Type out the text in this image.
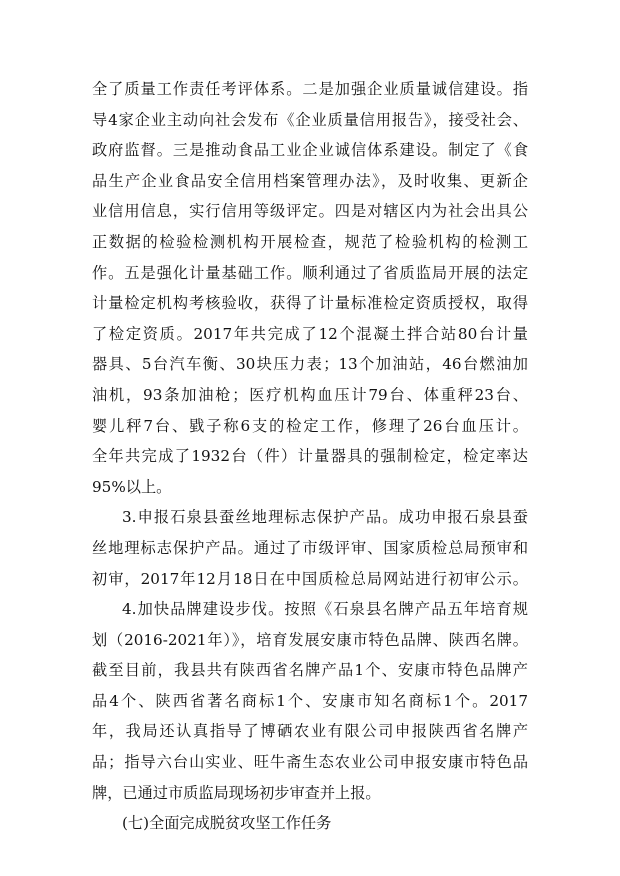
全了质量工作责任考评体系。二是加强企业质量诚信建设。指
导4家企业主动向社会发布《企业质量信用报告》，接受社会、
政府监督。三是推动食品工业企业诚信体系建设。制定了《食
品生产企业食品安全信用档案管理办法》，及时收集、更新企
业信用信息，实行信用等级评定。四是对辖区内为社会出具公
正数据的检验检测机构开展检查，规范了检验机构的检测工
作。五是强化计量基础工作。顺利通过了省质监局开展的法定
计量检定机构考核验收，获得了计量标准检定资质授权，取得
了检定资质。2017年共完成了12个混凝土拌合站80台计量
器具、5台汽车衡、30块压力表；13个加油站，46台燃油加
油机，93条加油枪；医疗机构血压计79台、体重秤23台、
婴儿秤7台、戥子称6支的检定工作，修理了26台血压计。
全年共完成了1932台（件）计量器具的强制检定，检定率达
95%以上。
3.申报石泉县蚕丝地理标志保护产品。成功申报石泉县蚕
丝地理标志保护产品。通过了市级评审、国家质检总局预审和
初审，2017年12月18日在中国质检总局网站进行初审公示。
4.加快品牌建设步伐。按照《石泉县名牌产品五年培育规
划（2016-2021年）》，培育发展安康市特色品牌、陕西名牌。
截至目前，我县共有陕西省名牌产品1个、安康市特色品牌产
品4个、陕西省著名商标1个、安康市知名商标1个。2017
年，我局还认真指导了博硒农业有限公司申报陕西省名牌产
品；指导六台山实业、旺牛斋生态农业公司申报安康市特色品
牌，已通过市质监局现场初步审查并上报。
(七)全面完成脱贫攻坚工作任务
